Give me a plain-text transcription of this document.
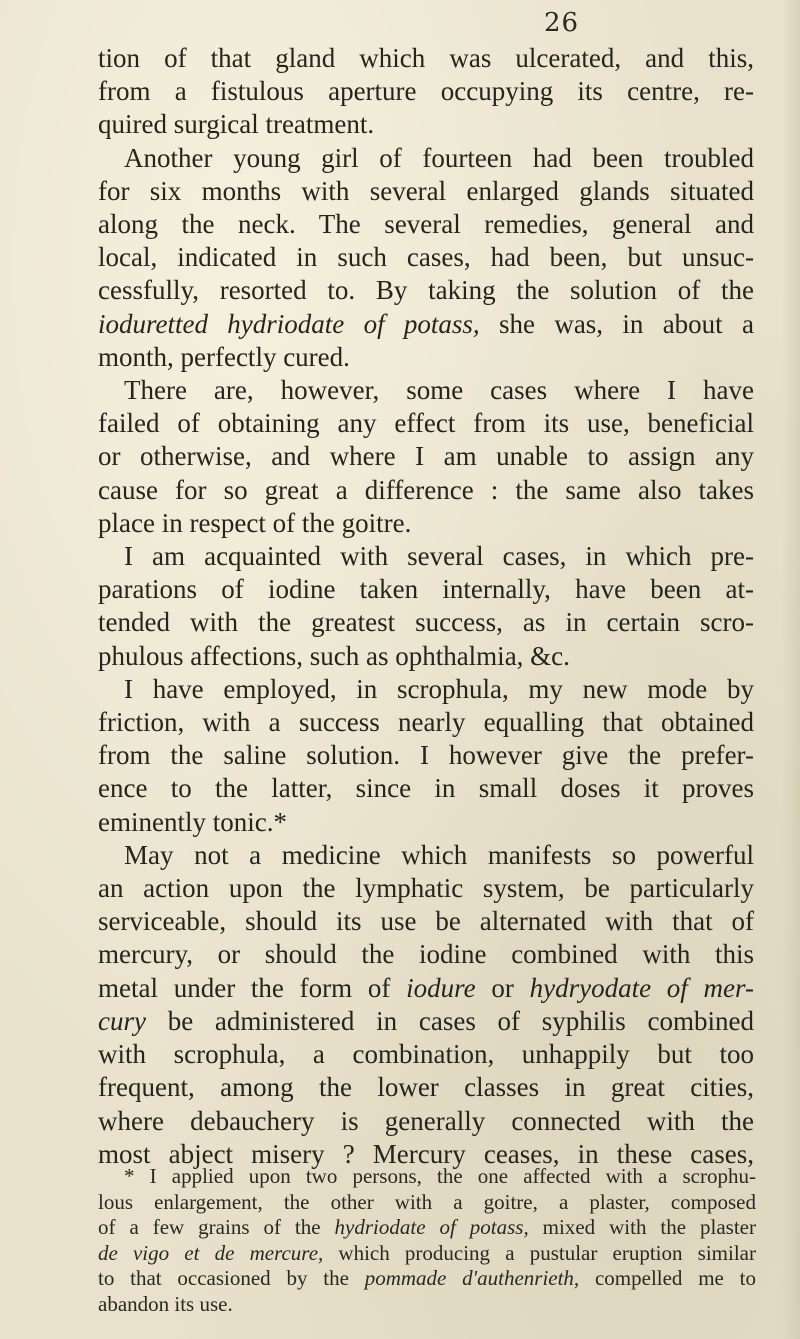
26
tion of that gland which was ulcerated, and this,
from a fistulous aperture occupying its centre, re-
quired surgical treatment.
Another young girl of fourteen had been troubled
for six months with several enlarged glands situated
along the neck. The several remedies, general and
local, indicated in such cases, had been, but unsuc-
cessfully, resorted to. By taking the solution of the
ioduretted hydriodate of potass, she was, in about a
month, perfectly cured.
There are, however, some cases where I have
failed of obtaining any effect from its use, beneficial
or otherwise, and where I am unable to assign any
cause for so great a difference : the same also takes
place in respect of the goitre.
I am acquainted with several cases, in which pre-
parations of iodine taken internally, have been at-
tended with the greatest success, as in certain scro-
phulous affections, such as ophthalmia, &c.
I have employed, in scrophula, my new mode by
friction, with a success nearly equalling that obtained
from the saline solution. I however give the prefer-
ence to the latter, since in small doses it proves
eminently tonic.*
May not a medicine which manifests so powerful
an action upon the lymphatic system, be particularly
serviceable, should its use be alternated with that of
mercury, or should the iodine combined with this
metal under the form of iodure or hydryodate of mer-
cury be administered in cases of syphilis combined
with scrophula, a combination, unhappily but too
frequent, among the lower classes in great cities,
where debauchery is generally connected with the
most abject misery ? Mercury ceases, in these cases,
* I applied upon two persons, the one affected with a scrophu-
lous enlargement, the other with a goitre, a plaster, composed
of a few grains of the hydriodate of potass, mixed with the plaster
de vigo et de mercure, which producing a pustular eruption similar
to that occasioned by the pommade d'authenrieth, compelled me to
abandon its use.
